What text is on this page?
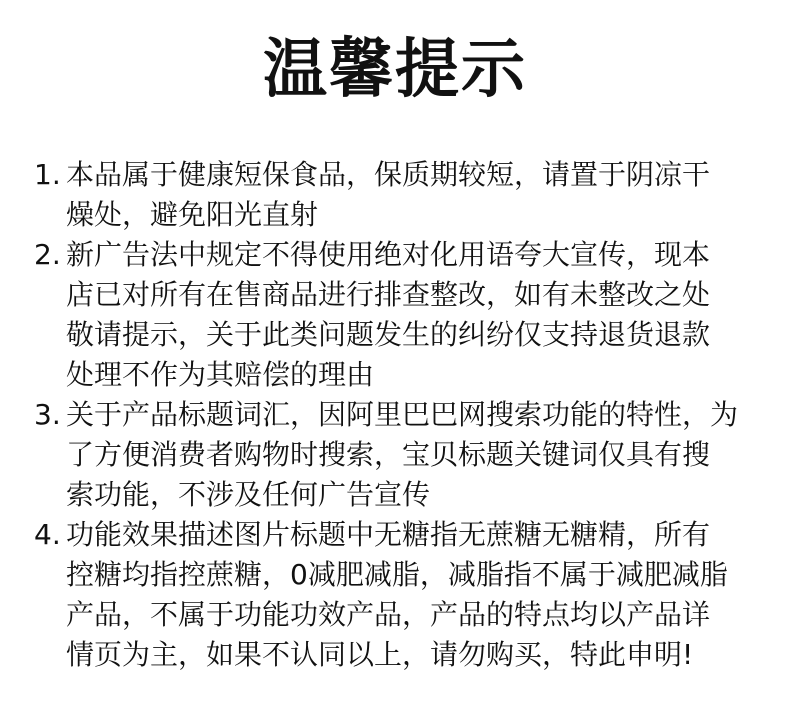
温馨提示
1. 本品属于健康短保食品，保质期较短，请置于阴凉干
燥处，避免阳光直射
2. 新广告法中规定不得使用绝对化用语夸大宣传，现本
店已对所有在售商品进行排查整改，如有未整改之处
敬请提示，关于此类问题发生的纠纷仅支持退货退款
处理不作为其赔偿的理由
3. 关于产品标题词汇，因阿里巴巴网搜索功能的特性，为
了方便消费者购物时搜索，宝贝标题关键词仅具有搜
索功能，不涉及任何广告宣传
4. 功能效果描述图片标题中无糖指无蔗糖无糖精，所有
控糖均指控蔗糖，0减肥减脂，减脂指不属于减肥减脂
产品，不属于功能功效产品，产品的特点均以产品详
情页为主，如果不认同以上，请勿购买，特此申明!
